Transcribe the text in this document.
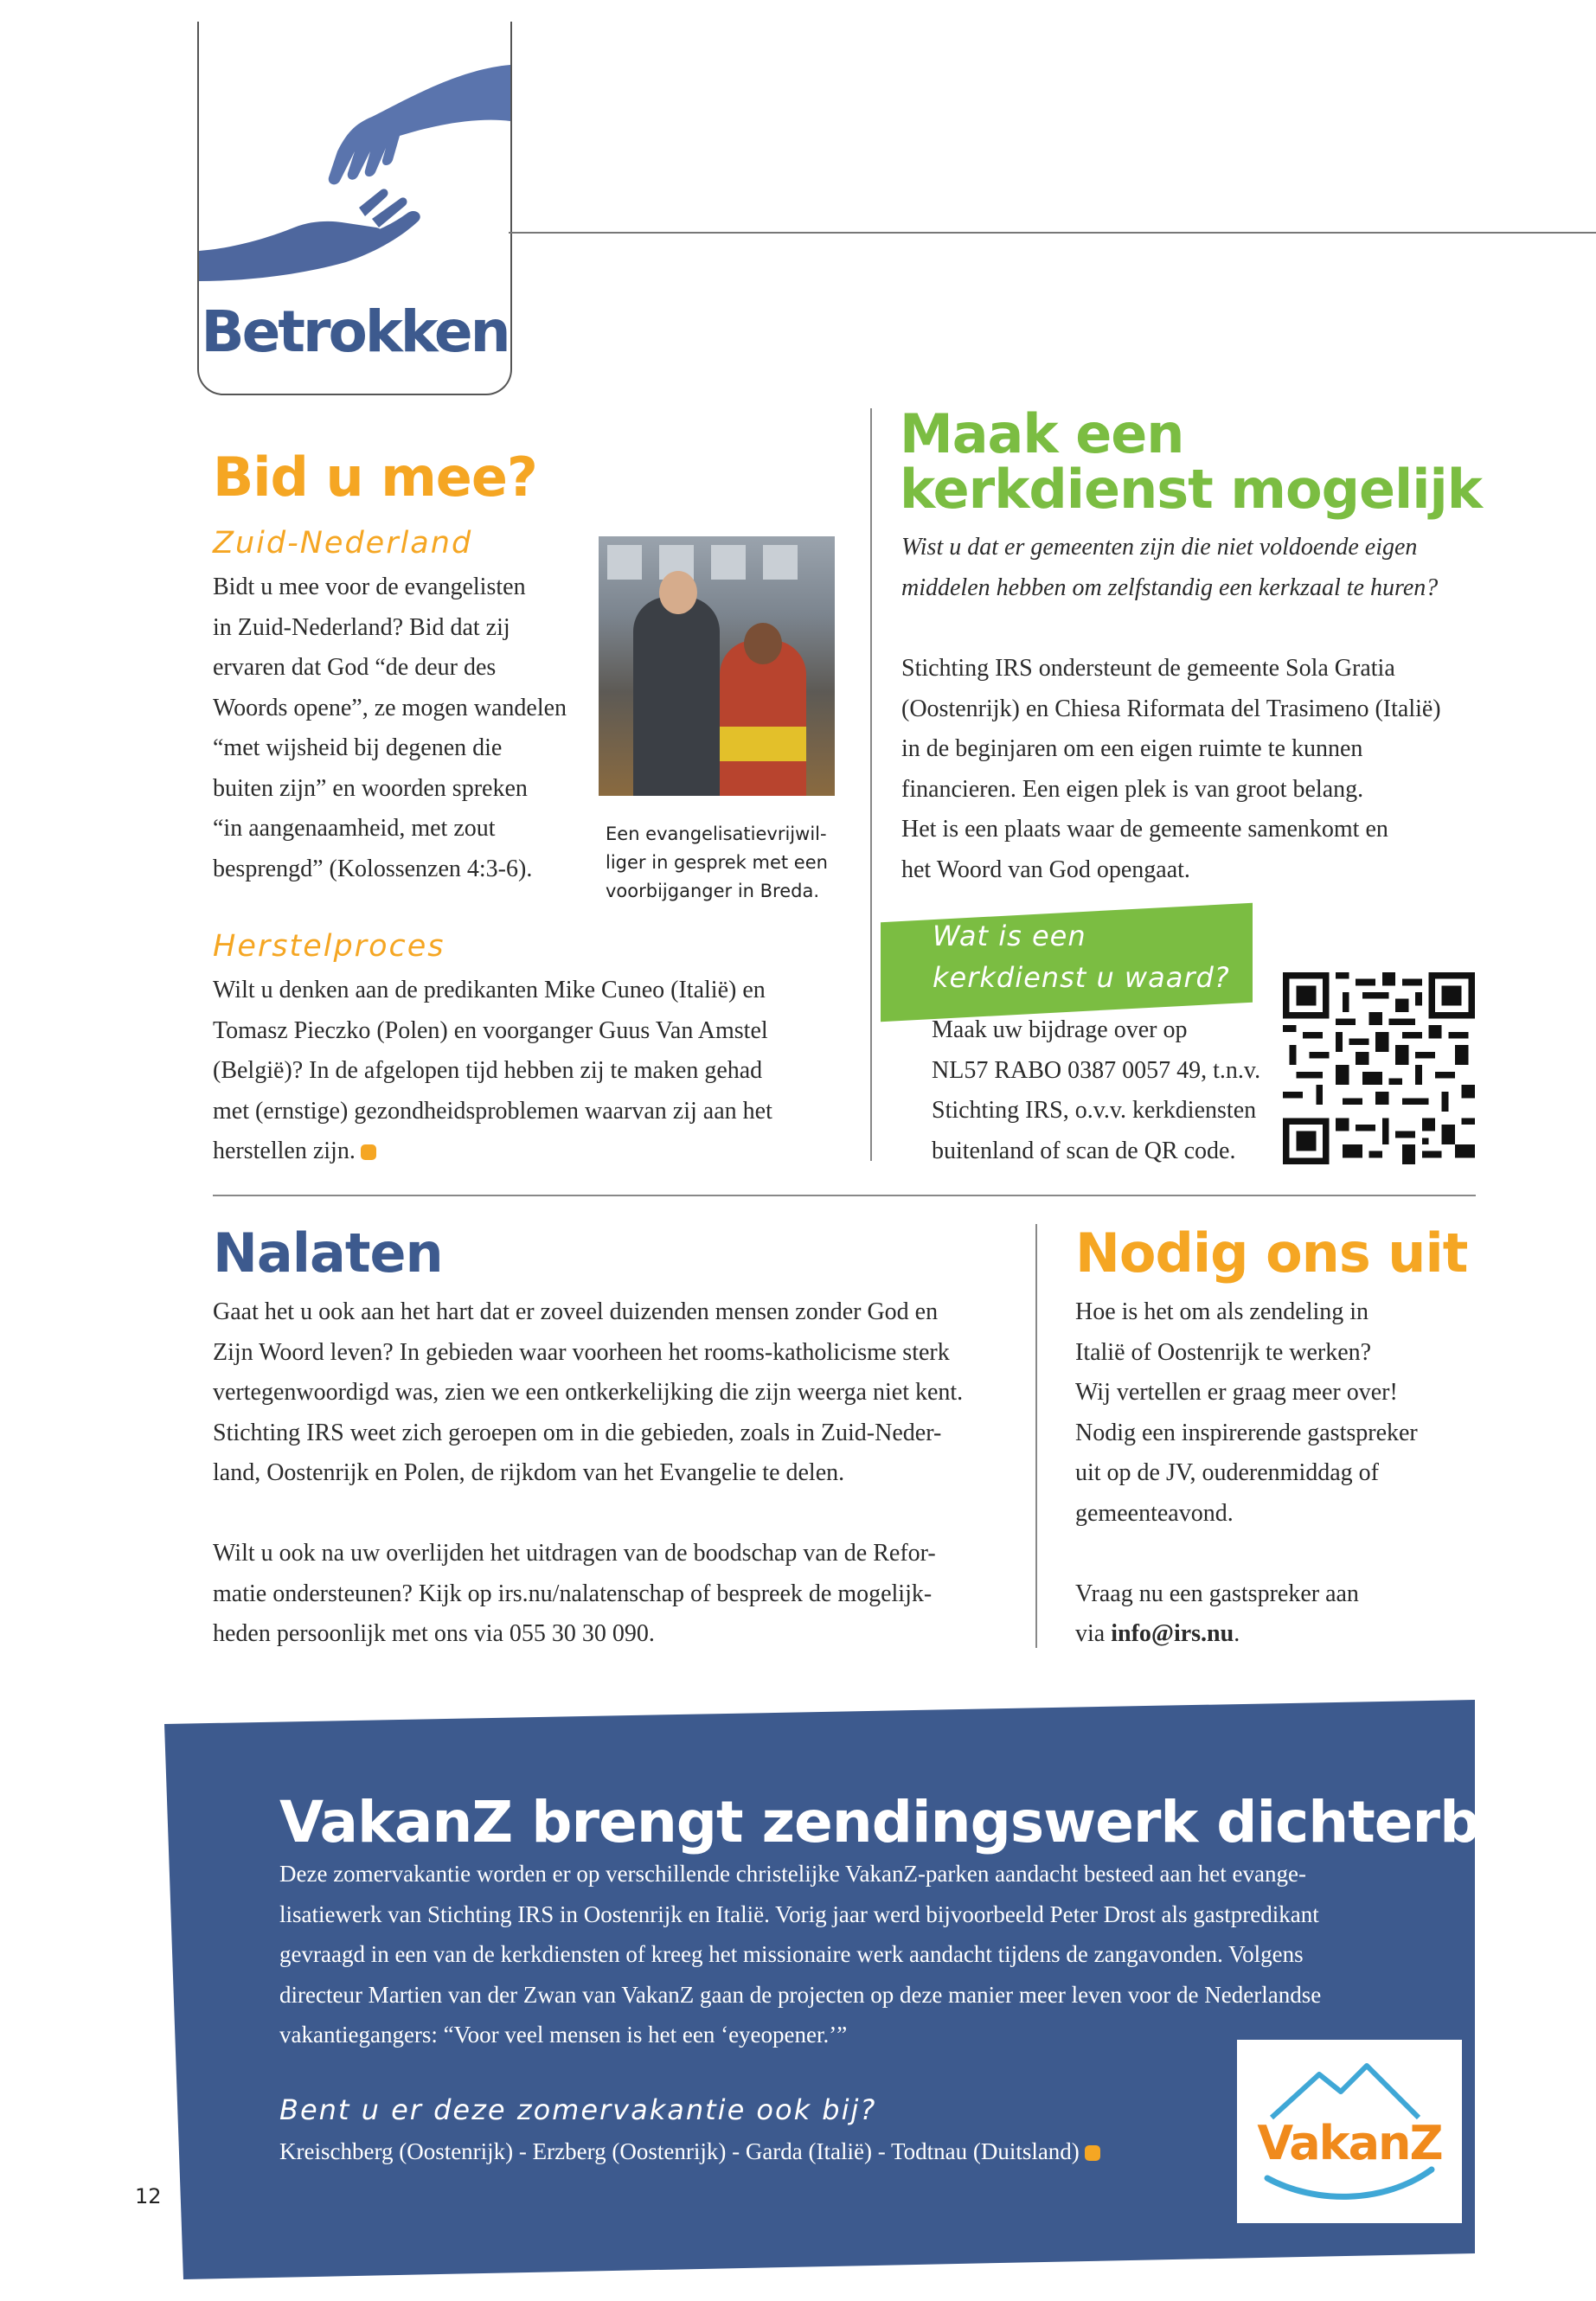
Betrokken
Bid u mee?
Zuid-Nederland
Bidt u mee voor de evangelisten
in Zuid-Nederland? Bid dat zij
ervaren dat God “de deur des
Woords opene”, ze mogen wandelen
“met wijsheid bij degenen die
buiten zijn” en woorden spreken
“in aangenaamheid, met zout
besprengd” (Kolossenzen 4:3-6).
Een evangelisatievrijwil-
liger in gesprek met een
voorbijganger in Breda.
Herstelproces
Wilt u denken aan de predikanten Mike Cuneo (Italië) en
Tomasz Pieczko (Polen) en voorganger Guus Van Amstel
(België)? In de afgelopen tijd hebben zij te maken gehad
met (ernstige) gezondheidsproblemen waarvan zij aan het
herstellen zijn.
Maak een
kerkdienst mogelijk
Wist u dat er gemeenten zijn die niet voldoende eigen
middelen hebben om zelfstandig een kerkzaal te huren?
Stichting IRS ondersteunt de gemeente Sola Gratia
(Oostenrijk) en Chiesa Riformata del Trasimeno (Italië)
in de beginjaren om een eigen ruimte te kunnen
financieren. Een eigen plek is van groot belang.
Het is een plaats waar de gemeente samenkomt en
het Woord van God opengaat.
Wat is een
kerkdienst u waard?
Maak uw bijdrage over op
NL57 RABO 0387 0057 49, t.n.v.
Stichting IRS, o.v.v. kerkdiensten
buitenland of scan de QR code.
Nalaten
Gaat het u ook aan het hart dat er zoveel duizenden mensen zonder God en
Zijn Woord leven? In gebieden waar voorheen het rooms-katholicisme sterk
vertegenwoordigd was, zien we een ontkerkelijking die zijn weerga niet kent.
Stichting IRS weet zich geroepen om in die gebieden, zoals in Zuid-Neder-
land, Oostenrijk en Polen, de rijkdom van het Evangelie te delen.
Wilt u ook na uw overlijden het uitdragen van de boodschap van de Refor-
matie ondersteunen? Kijk op irs.nu/nalatenschap of bespreek de mogelijk-
heden persoonlijk met ons via 055 30 30 090.
Nodig ons uit
Hoe is het om als zendeling in
Italië of Oostenrijk te werken?
Wij vertellen er graag meer over!
Nodig een inspirerende gastspreker
uit op de JV, ouderenmiddag of
gemeenteavond.
Vraag nu een gastspreker aan
via info@irs.nu.
VakanZ brengt zendingswerk dichterbij
Deze zomervakantie worden er op verschillende christelijke VakanZ-parken aandacht besteed aan het evange-
lisatiewerk van Stichting IRS in Oostenrijk en Italië. Vorig jaar werd bijvoorbeeld Peter Drost als gastpredikant
gevraagd in een van de kerkdiensten of kreeg het missionaire werk aandacht tijdens de zangavonden. Volgens
directeur Martien van der Zwan van VakanZ gaan de projecten op deze manier meer leven voor de Nederlandse
vakantiegangers: “Voor veel mensen is het een ‘eyeopener.’”
Bent u er deze zomervakantie ook bij?
Kreischberg (Oostenrijk) - Erzberg (Oostenrijk) - Garda (Italië) - Todtnau (Duitsland)	VakanZ
12
